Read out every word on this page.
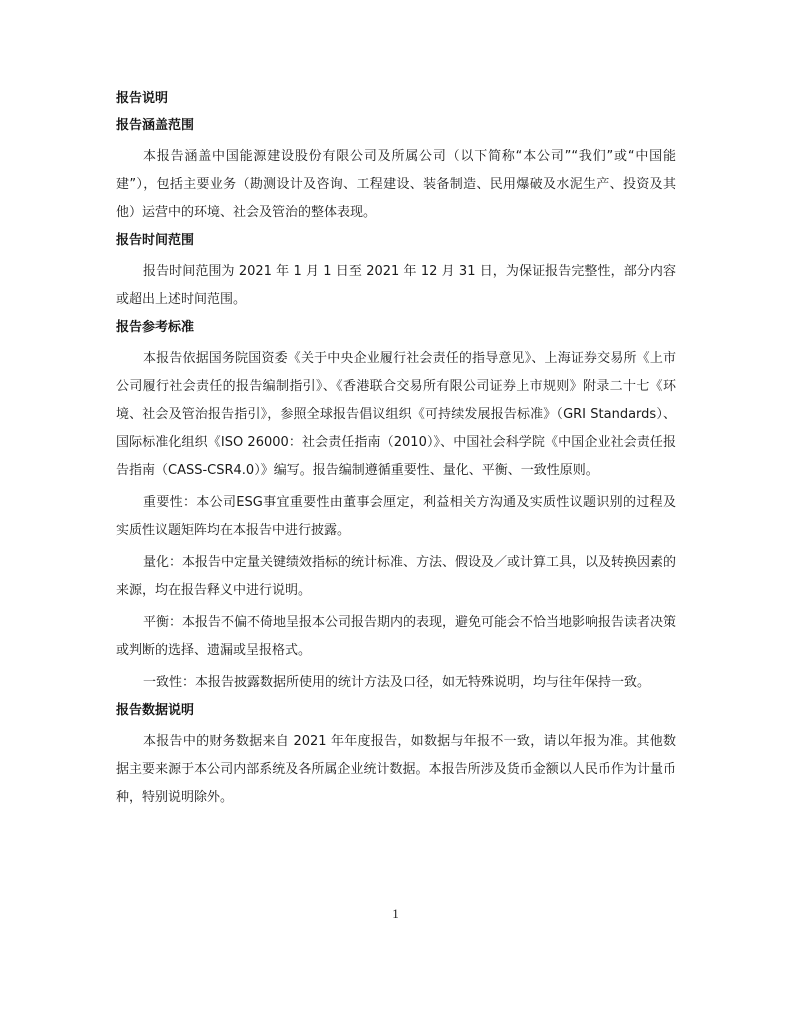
报告说明
报告涵盖范围

本报告涵盖中国能源建设股份有限公司及所属公司（以下简称“本公司”“我们”或“中国能建”），包括主要业务（勘测设计及咨询、工程建设、装备制造、民用爆破及水泥生产、投资及其他）运营中的环境、社会及管治的整体表现。

报告时间范围

报告时间范围为 2021 年 1 月 1 日至 2021 年 12 月 31 日，为保证报告完整性，部分内容或超出上述时间范围。

报告参考标准

本报告依据国务院国资委《关于中央企业履行社会责任的指导意见》、上海证券交易所《上市公司履行社会责任的报告编制指引》、《香港联合交易所有限公司证券上市规则》附录二十七《环境、社会及管治报告指引》，参照全球报告倡议组织《可持续发展报告标准》（GRI Standards）、国际标准化组织《ISO 26000：社会责任指南（2010）》、中国社会科学院《中国企业社会责任报告指南（CASS-CSR4.0）》编写。报告编制遵循重要性、量化、平衡、一致性原则。

重要性：本公司ESG事宜重要性由董事会厘定，利益相关方沟通及实质性议题识别的过程及实质性议题矩阵均在本报告中进行披露。

量化：本报告中定量关键绩效指标的统计标准、方法、假设及／或计算工具，以及转换因素的来源，均在报告释义中进行说明。

平衡：本报告不偏不倚地呈报本公司报告期内的表现，避免可能会不恰当地影响报告读者决策或判断的选择、遗漏或呈报格式。

一致性：本报告披露数据所使用的统计方法及口径，如无特殊说明，均与往年保持一致。

报告数据说明

本报告中的财务数据来自 2021 年年度报告，如数据与年报不一致，请以年报为准。其他数据主要来源于本公司内部系统及各所属企业统计数据。本报告所涉及货币金额以人民币作为计量币种，特别说明除外。

1
